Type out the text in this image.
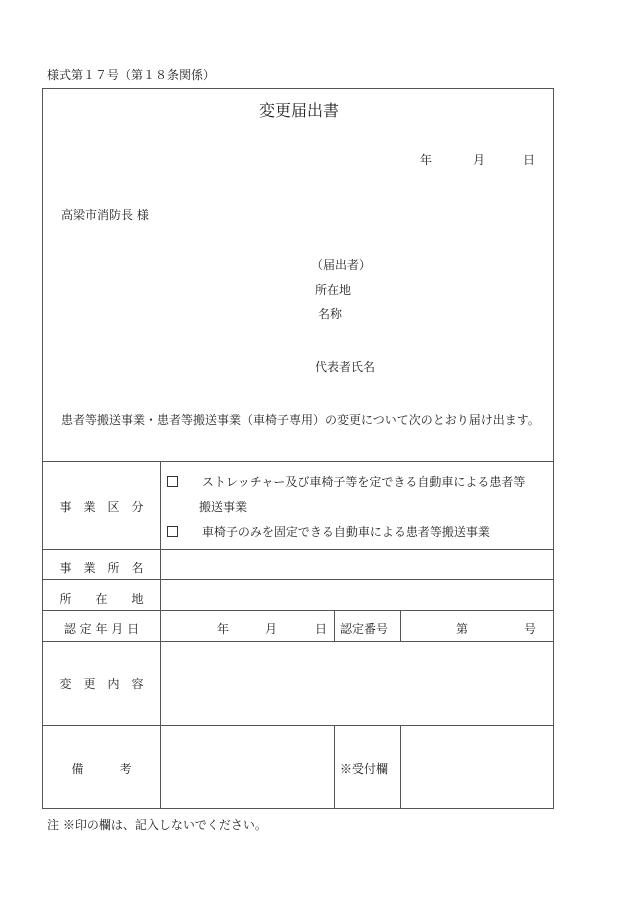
様式第１７号（第１８条関係）
変更届出書
年	月	日
高梁市消防長 様
（届出者）
所在地
名称
代表者氏名
患者等搬送事業・患者等搬送事業（車椅子専用）の変更について次のとおり届け出ます。
事　業　区　分
ストレッチャー及び車椅子等を定できる自動車による患者等
搬送事業
車椅子のみを固定できる自動車による患者等搬送事業
事　業　所　名
所　　在　　地
認 定 年 月 日	年	月	日 認定番号	第	号
変　更　内　容
備　　　考	※受付欄
注 ※印の欄は、記入しないでください。
